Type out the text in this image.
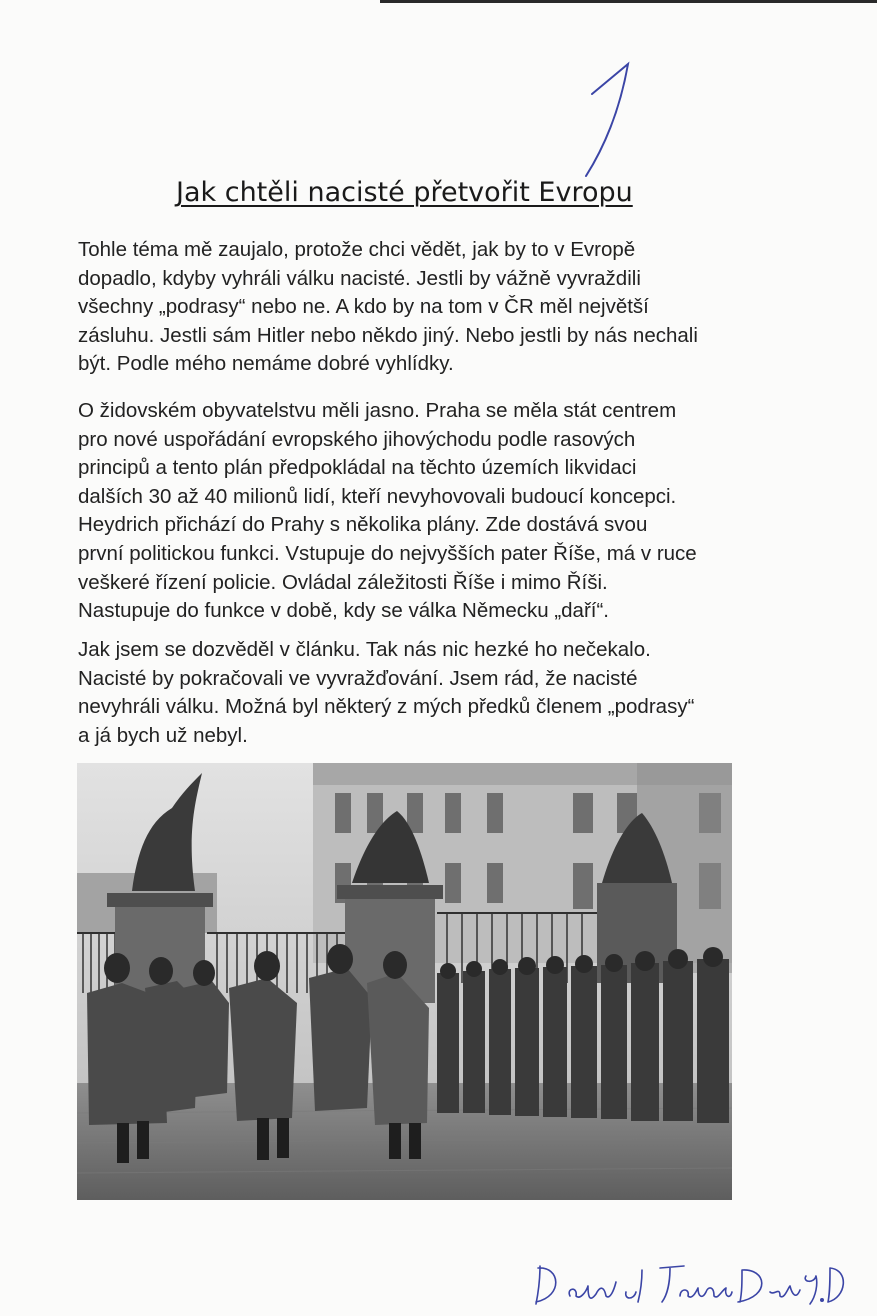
Jak chtěli nacisté přetvořit Evropu
Tohle téma mě zaujalo, protože chci vědět, jak by to v Evropě
dopadlo, kdyby vyhráli válku nacisté. Jestli by vážně vyvraždili
všechny „podrasy“ nebo ne. A kdo by na tom v ČR měl největší
zásluhu. Jestli sám Hitler nebo někdo jiný. Nebo jestli by nás nechali
být. Podle mého nemáme dobré vyhlídky.
O židovském obyvatelstvu měli jasno. Praha se měla stát centrem
pro nové uspořádání evropského jihovýchodu podle rasových
principů a tento plán předpokládal na těchto územích likvidaci
dalších 30 až 40 milionů lidí, kteří nevyhovovali budoucí koncepci.
Heydrich přichází do Prahy s několika plány. Zde dostává svou
první politickou funkci. Vstupuje do nejvyšších pater Říše, má v ruce
veškeré řízení policie. Ovládal záležitosti Říše i mimo Říši.
Nastupuje do funkce v době, kdy se válka Německu „daří“.
Jak jsem se dozvěděl v článku. Tak nás nic hezké ho nečekalo.
Nacisté by pokračovali ve vyvražďování. Jsem rád, že nacisté
nevyhráli válku. Možná byl některý z mých předků členem „podrasy“
a já bych už nebyl.
